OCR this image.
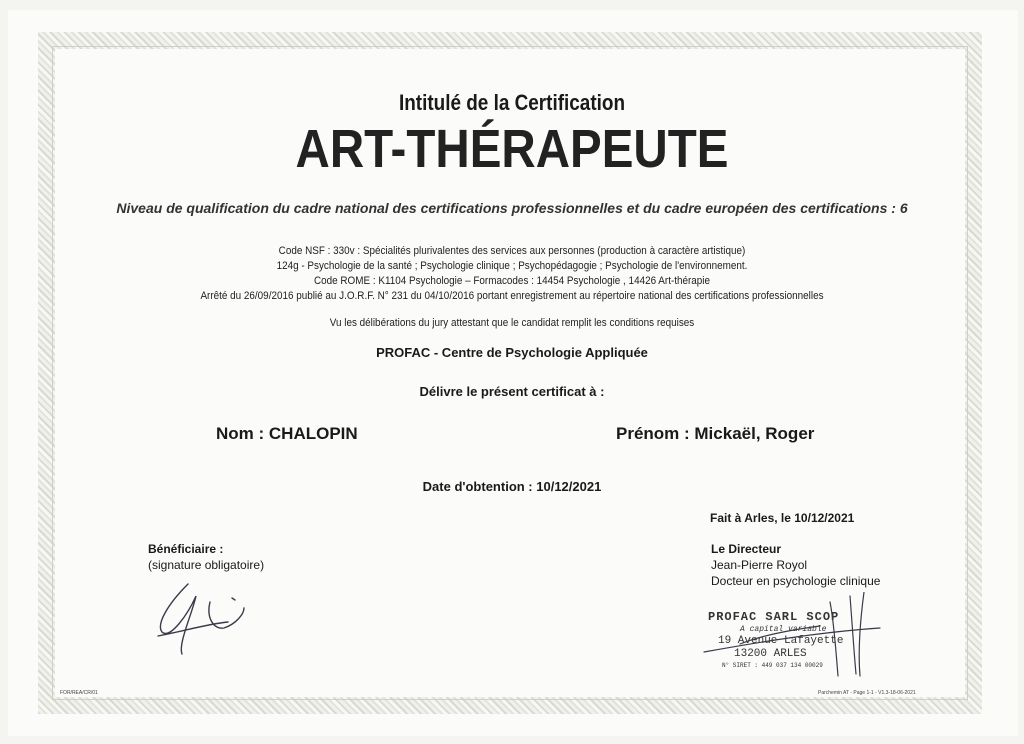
Intitulé de la Certification
ART-THÉRAPEUTE
Niveau de qualification du cadre national des certifications professionnelles et du cadre européen des certifications : 6
Code NSF : 330v : Spécialités plurivalentes des services aux personnes (production à caractère artistique)
124g - Psychologie de la santé ; Psychologie clinique ; Psychopédagogie ; Psychologie de l'environnement.
Code ROME : K1104 Psychologie – Formacodes : 14454 Psychologie , 14426 Art-thérapie
Arrêté du 26/09/2016 publié au J.O.R.F. N° 231 du 04/10/2016 portant enregistrement au répertoire national des certifications professionnelles
Vu les délibérations du jury attestant que le candidat remplit les conditions requises
PROFAC - Centre de Psychologie Appliquée
Délivre le présent certificat à :
Nom : CHALOPIN	Prénom : Mickaël, Roger
Date d'obtention : 10/12/2021
Fait à Arles, le 10/12/2021
Bénéficiaire :
(signature obligatoire)
Le Directeur
Jean-Pierre Royol
Docteur en psychologie clinique
PROFAC SARL SCOP
A capital variable
19 Avenue Lafayette
13200 ARLES
N° SIRET : 449 037 134 00029
FOR/REA/CR/01	Parchemin AT - Page 1-1 - V1.3-18-06-2021
